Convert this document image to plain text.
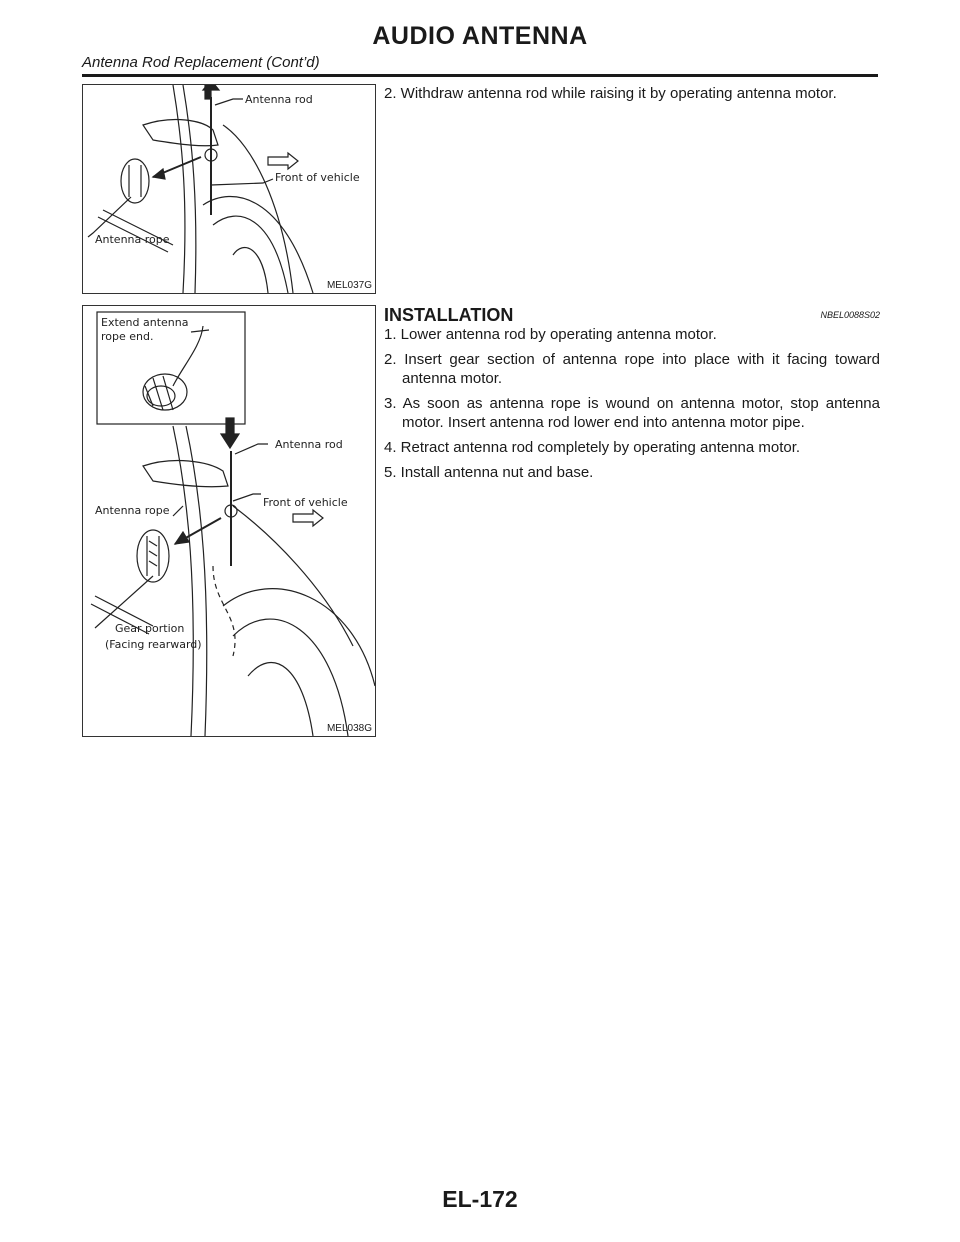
AUDIO ANTENNA
Antenna Rod Replacement (Cont’d)
Antenna rod
Front of vehicle
Antenna rope
MEL037G
Extend antenna
rope end.
Antenna rod
Front of vehicle
Antenna rope
Gear portion
(Facing rearward)
MEL038G
2. Withdraw antenna rod while raising it by operating antenna motor.
INSTALLATION	NBEL0088S02
1. Lower antenna rod by operating antenna motor.
2. Insert gear section of antenna rope into place with it facing toward antenna motor.
3. As soon as antenna rope is wound on antenna motor, stop antenna motor. Insert antenna rod lower end into antenna motor pipe.
4. Retract antenna rod completely by operating antenna motor.
5. Install antenna nut and base.
EL-172
